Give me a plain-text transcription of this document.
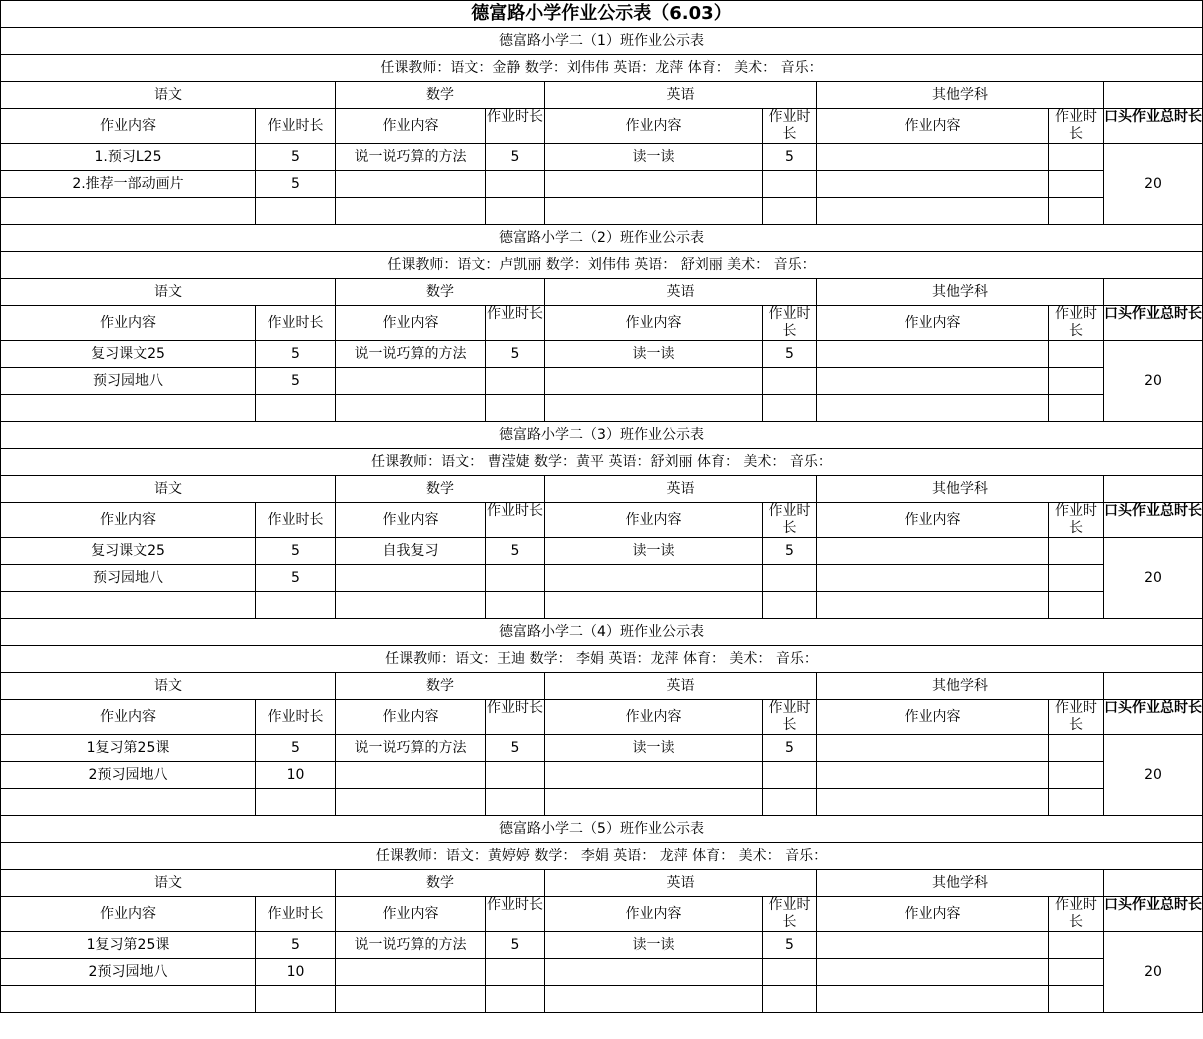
德富路小学作业公示表（6.03）								
德富路小学二（1）班作业公示表								
任课教师：语文：金静 数学：刘伟伟 英语：龙萍 体育： 美术： 音乐：								
语文		数学		英语		其他学科		
作业内容	作业时长	作业内容	作业时长	作业内容	作业时长	作业内容	作业时长	口头作业总时长
1.预习L25	5	说一说巧算的方法	5	读一读	5			20
2.推荐一部动画片	5							

德富路小学二（2）班作业公示表								
任课教师：语文：卢凯丽 数学：刘伟伟 英语： 舒刘丽 美术： 音乐：								
语文		数学		英语		其他学科		
作业内容	作业时长	作业内容	作业时长	作业内容	作业时长	作业内容	作业时长	口头作业总时长
复习课文25	5	说一说巧算的方法	5	读一读	5			20
预习园地八	5							

德富路小学二（3）班作业公示表								
任课教师：语文： 曹滢婕 数学：黄平 英语：舒刘丽 体育： 美术： 音乐：								
语文		数学		英语		其他学科		
作业内容	作业时长	作业内容	作业时长	作业内容	作业时长	作业内容	作业时长	口头作业总时长
复习课文25	5	自我复习	5	读一读	5			20
预习园地八	5							

德富路小学二（4）班作业公示表								
任课教师：语文：王迪 数学： 李娟 英语：龙萍 体育： 美术： 音乐：								
语文		数学		英语		其他学科		
作业内容	作业时长	作业内容	作业时长	作业内容	作业时长	作业内容	作业时长	口头作业总时长
1复习第25课	5	说一说巧算的方法	5	读一读	5			20
2预习园地八	10							

德富路小学二（5）班作业公示表								
任课教师：语文：黄婷婷 数学： 李娟 英语： 龙萍 体育： 美术： 音乐：								
语文		数学		英语		其他学科		
作业内容	作业时长	作业内容	作业时长	作业内容	作业时长	作业内容	作业时长	口头作业总时长
1复习第25课	5	说一说巧算的方法	5	读一读	5			20
2预习园地八	10							
